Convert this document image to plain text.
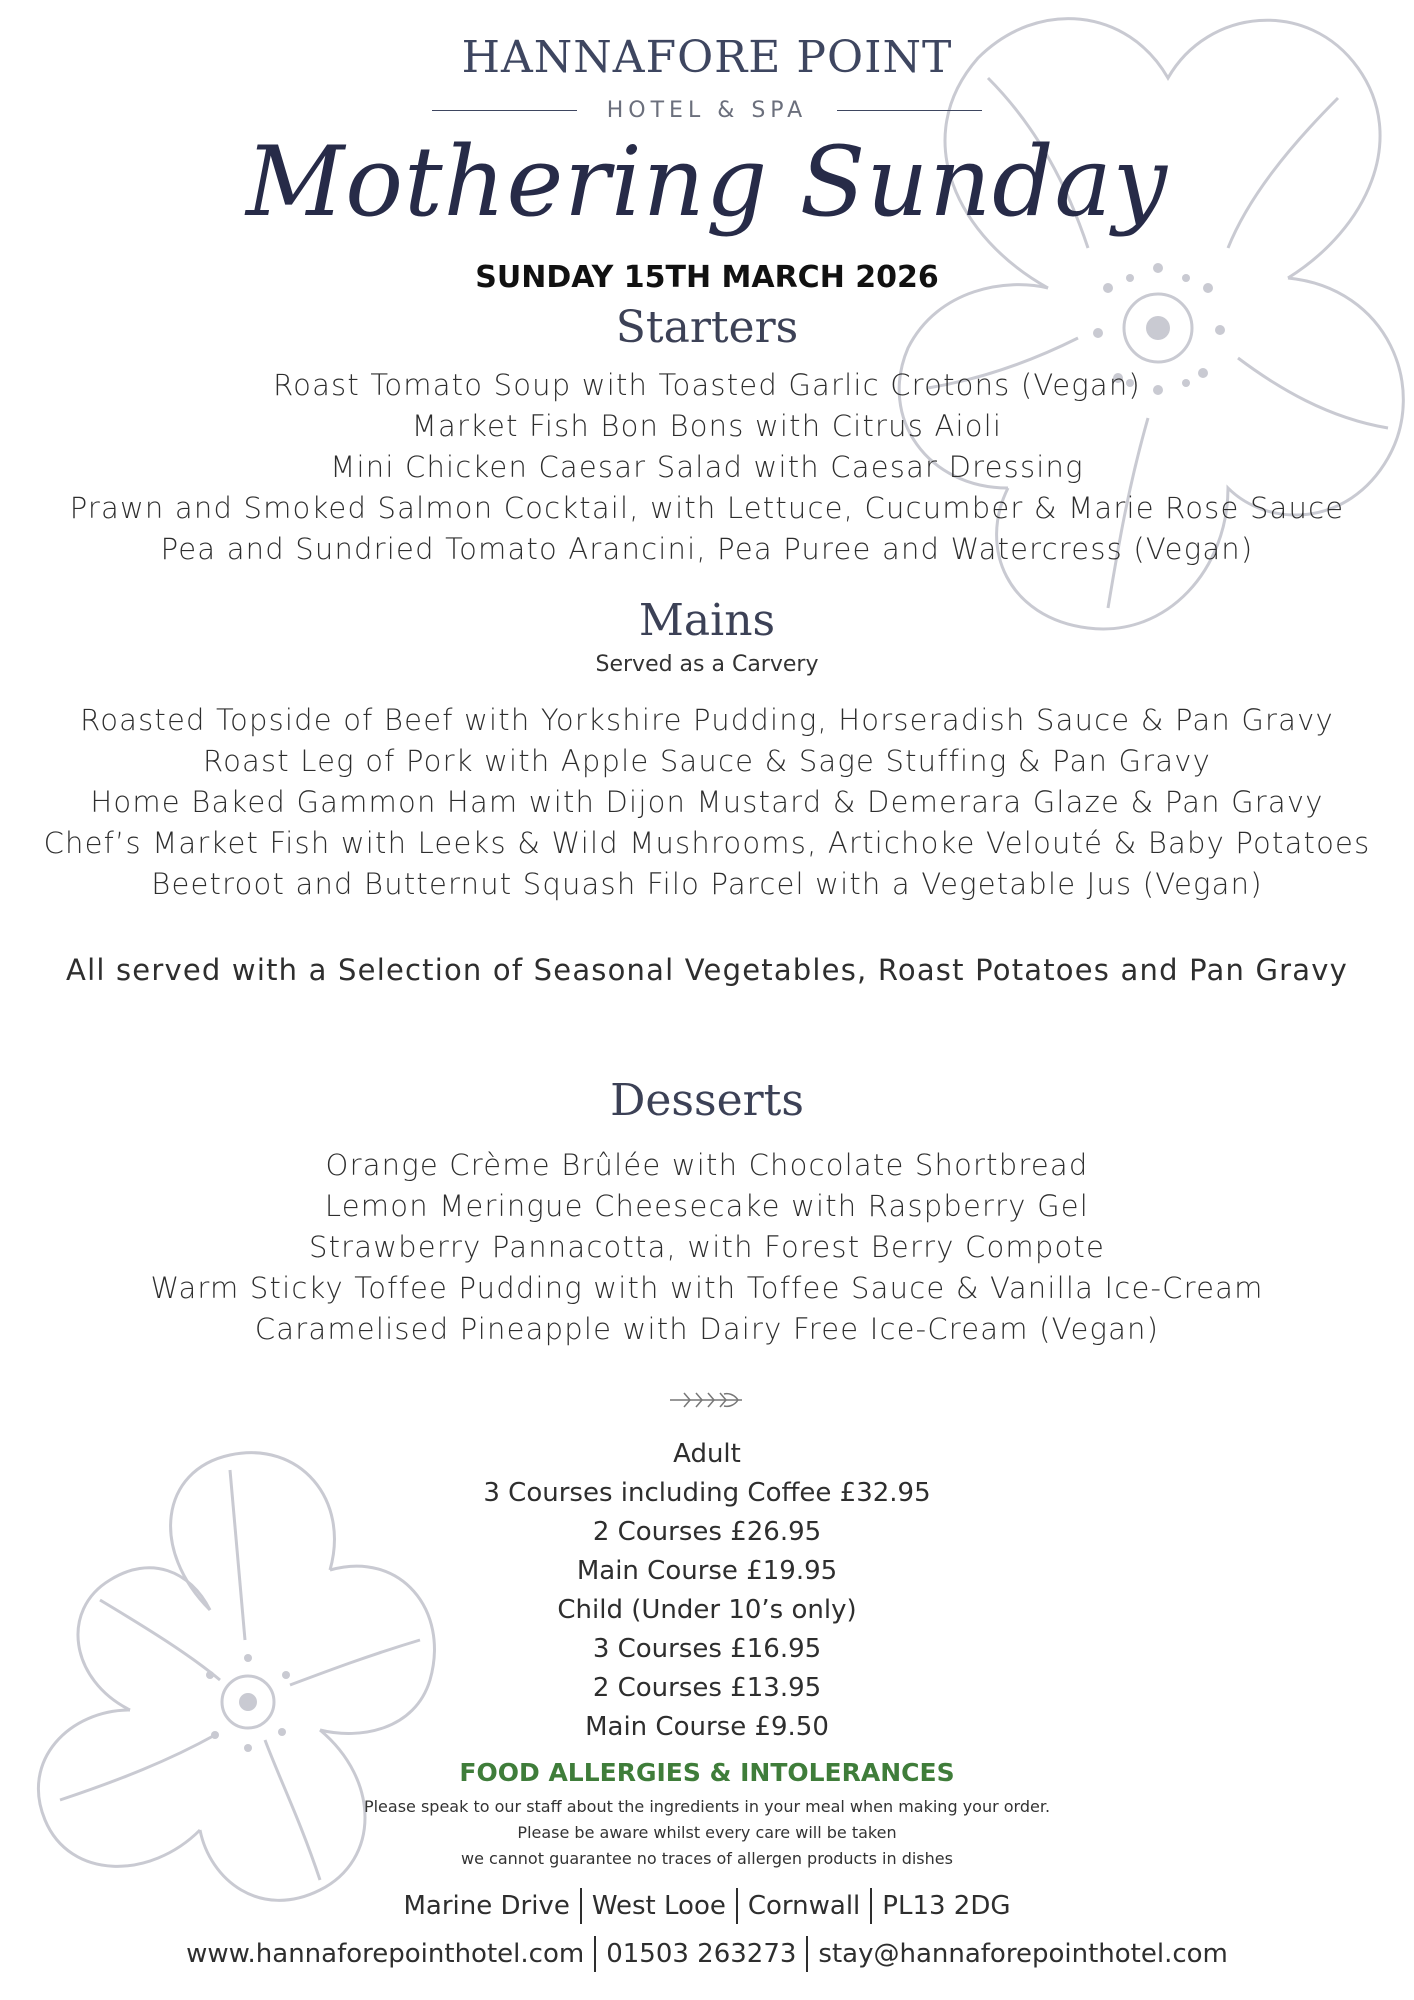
HANNAFORE POINT
HOTEL & SPA
Mothering Sunday
SUNDAY 15TH MARCH 2026
Starters
Roast Tomato Soup with Toasted Garlic Crotons (Vegan)
Market Fish Bon Bons with Citrus Aioli
Mini Chicken Caesar Salad with Caesar Dressing
Prawn and Smoked Salmon Cocktail, with Lettuce, Cucumber & Marie Rose Sauce
Pea and Sundried Tomato Arancini, Pea Puree and Watercress (Vegan)
Mains
Served as a Carvery
Roasted Topside of Beef with Yorkshire Pudding, Horseradish Sauce & Pan Gravy
Roast Leg of Pork with Apple Sauce & Sage Stuffing & Pan Gravy
Home Baked Gammon Ham with Dijon Mustard & Demerara Glaze & Pan Gravy
Chef’s Market Fish with Leeks & Wild Mushrooms, Artichoke Velouté & Baby Potatoes
Beetroot and Butternut Squash Filo Parcel with a Vegetable Jus (Vegan)
All served with a Selection of Seasonal Vegetables, Roast Potatoes and Pan Gravy
Desserts
Orange Crème Brûlée with Chocolate Shortbread
Lemon Meringue Cheesecake with Raspberry Gel
Strawberry Pannacotta, with Forest Berry Compote
Warm Sticky Toffee Pudding with with Toffee Sauce & Vanilla Ice-Cream
Caramelised Pineapple with Dairy Free Ice-Cream (Vegan)
Adult
3 Courses including Coffee £32.95
2 Courses £26.95
Main Course £19.95
Child (Under 10’s only)
3 Courses £16.95
2 Courses £13.95
Main Course £9.50
FOOD ALLERGIES & INTOLERANCES
Please speak to our staff about the ingredients in your meal when making your order.
Please be aware whilst every care will be taken
we cannot guarantee no traces of allergen products in dishes
Marine Drive West Looe Cornwall PL13 2DG
www.hannaforepointhotel.com 01503 263273 stay@hannaforepointhotel.com
